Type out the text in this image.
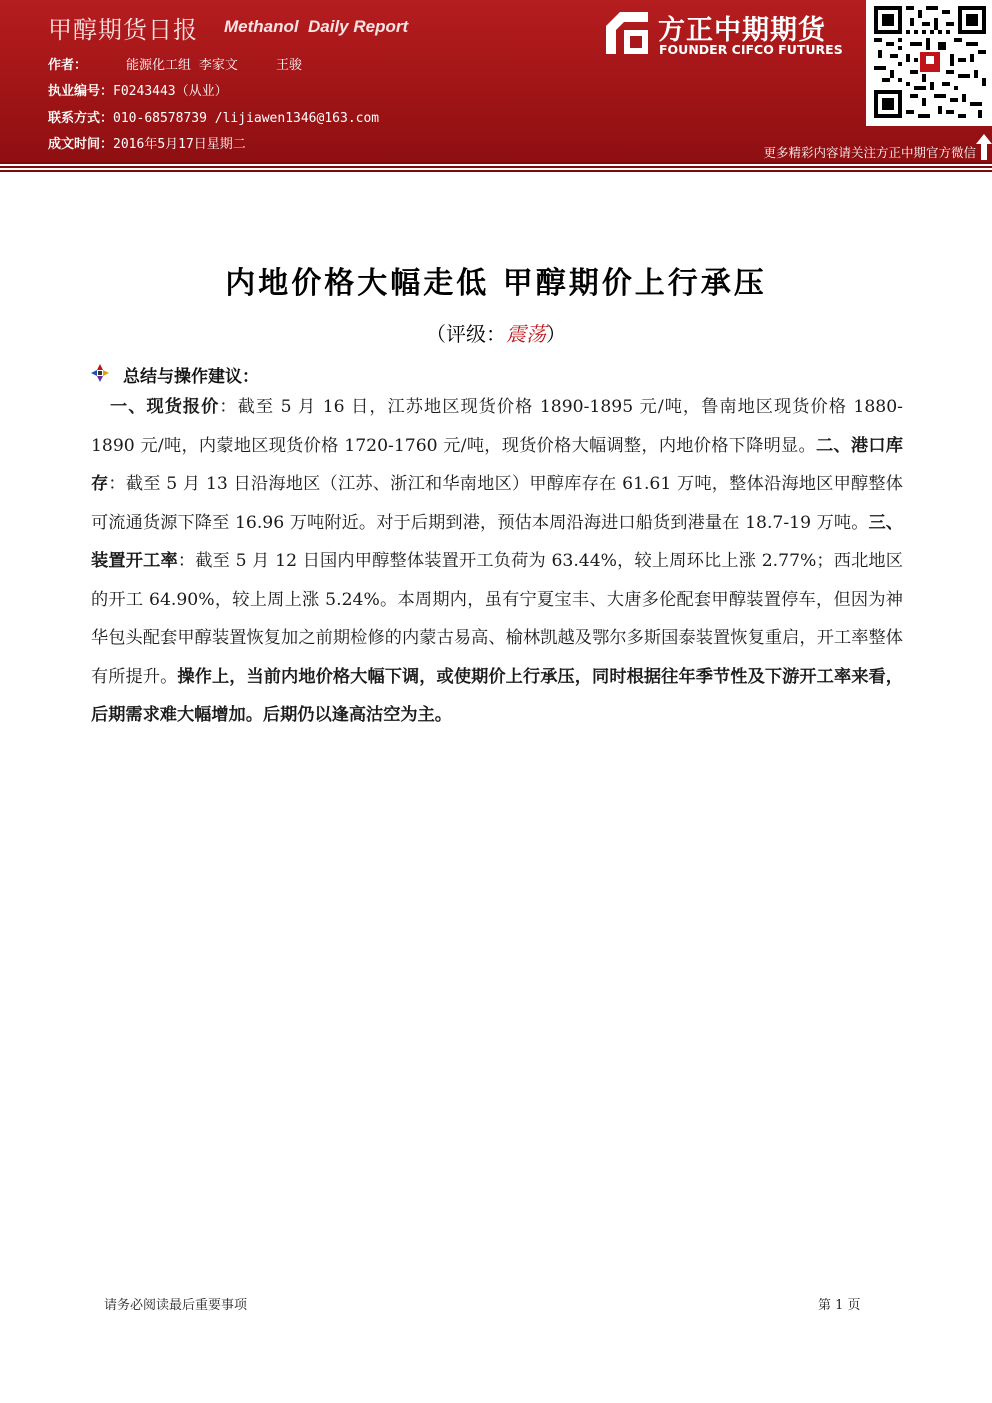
甲醇期货日报 Methanol Daily Report
作者：	能源化工组 李家文	王骏
执业编号：F0243443（从业）
联系方式：010-68578739 /lijiawen1346@163.com
成文时间：2016年5月17日星期二
方正中期期货
FOUNDER CIFCO FUTURES
更多精彩内容请关注方正中期官方微信
内地价格大幅走低 甲醇期价上行承压
（评级：震荡）
总结与操作建议：
一、现货报价：截至 5 月 16 日，江苏地区现货价格 1890-1895 元/吨，鲁南地区现货价格 1880- 1890 元/吨，内蒙地区现货价格 1720-1760 元/吨，现货价格大幅调整，内地价格下降明显。二、港口库存：截至 5 月 13 日沿海地区（江苏、浙江和华南地区）甲醇库存在 61.61 万吨，整体沿海地区甲醇整体可流通货源下降至 16.96 万吨附近。对于后期到港，预估本周沿海进口船货到港量在 18.7-19 万吨。三、装置开工率：截至 5 月 12 日国内甲醇整体装置开工负荷为 63.44%，较上周环比上涨 2.77%；西北地区的开工 64.90%，较上周上涨 5.24%。本周期内，虽有宁夏宝丰、大唐多伦配套甲醇装置停车，但因为神华包头配套甲醇装置恢复加之前期检修的内蒙古易高、榆林凯越及鄂尔多斯国泰装置恢复重启，开工率整体有所提升。操作上，当前内地价格大幅下调，或使期价上行承压，同时根据往年季节性及下游开工率来看，后期需求难大幅增加。后期仍以逢高沽空为主。
请务必阅读最后重要事项	第 1 页
